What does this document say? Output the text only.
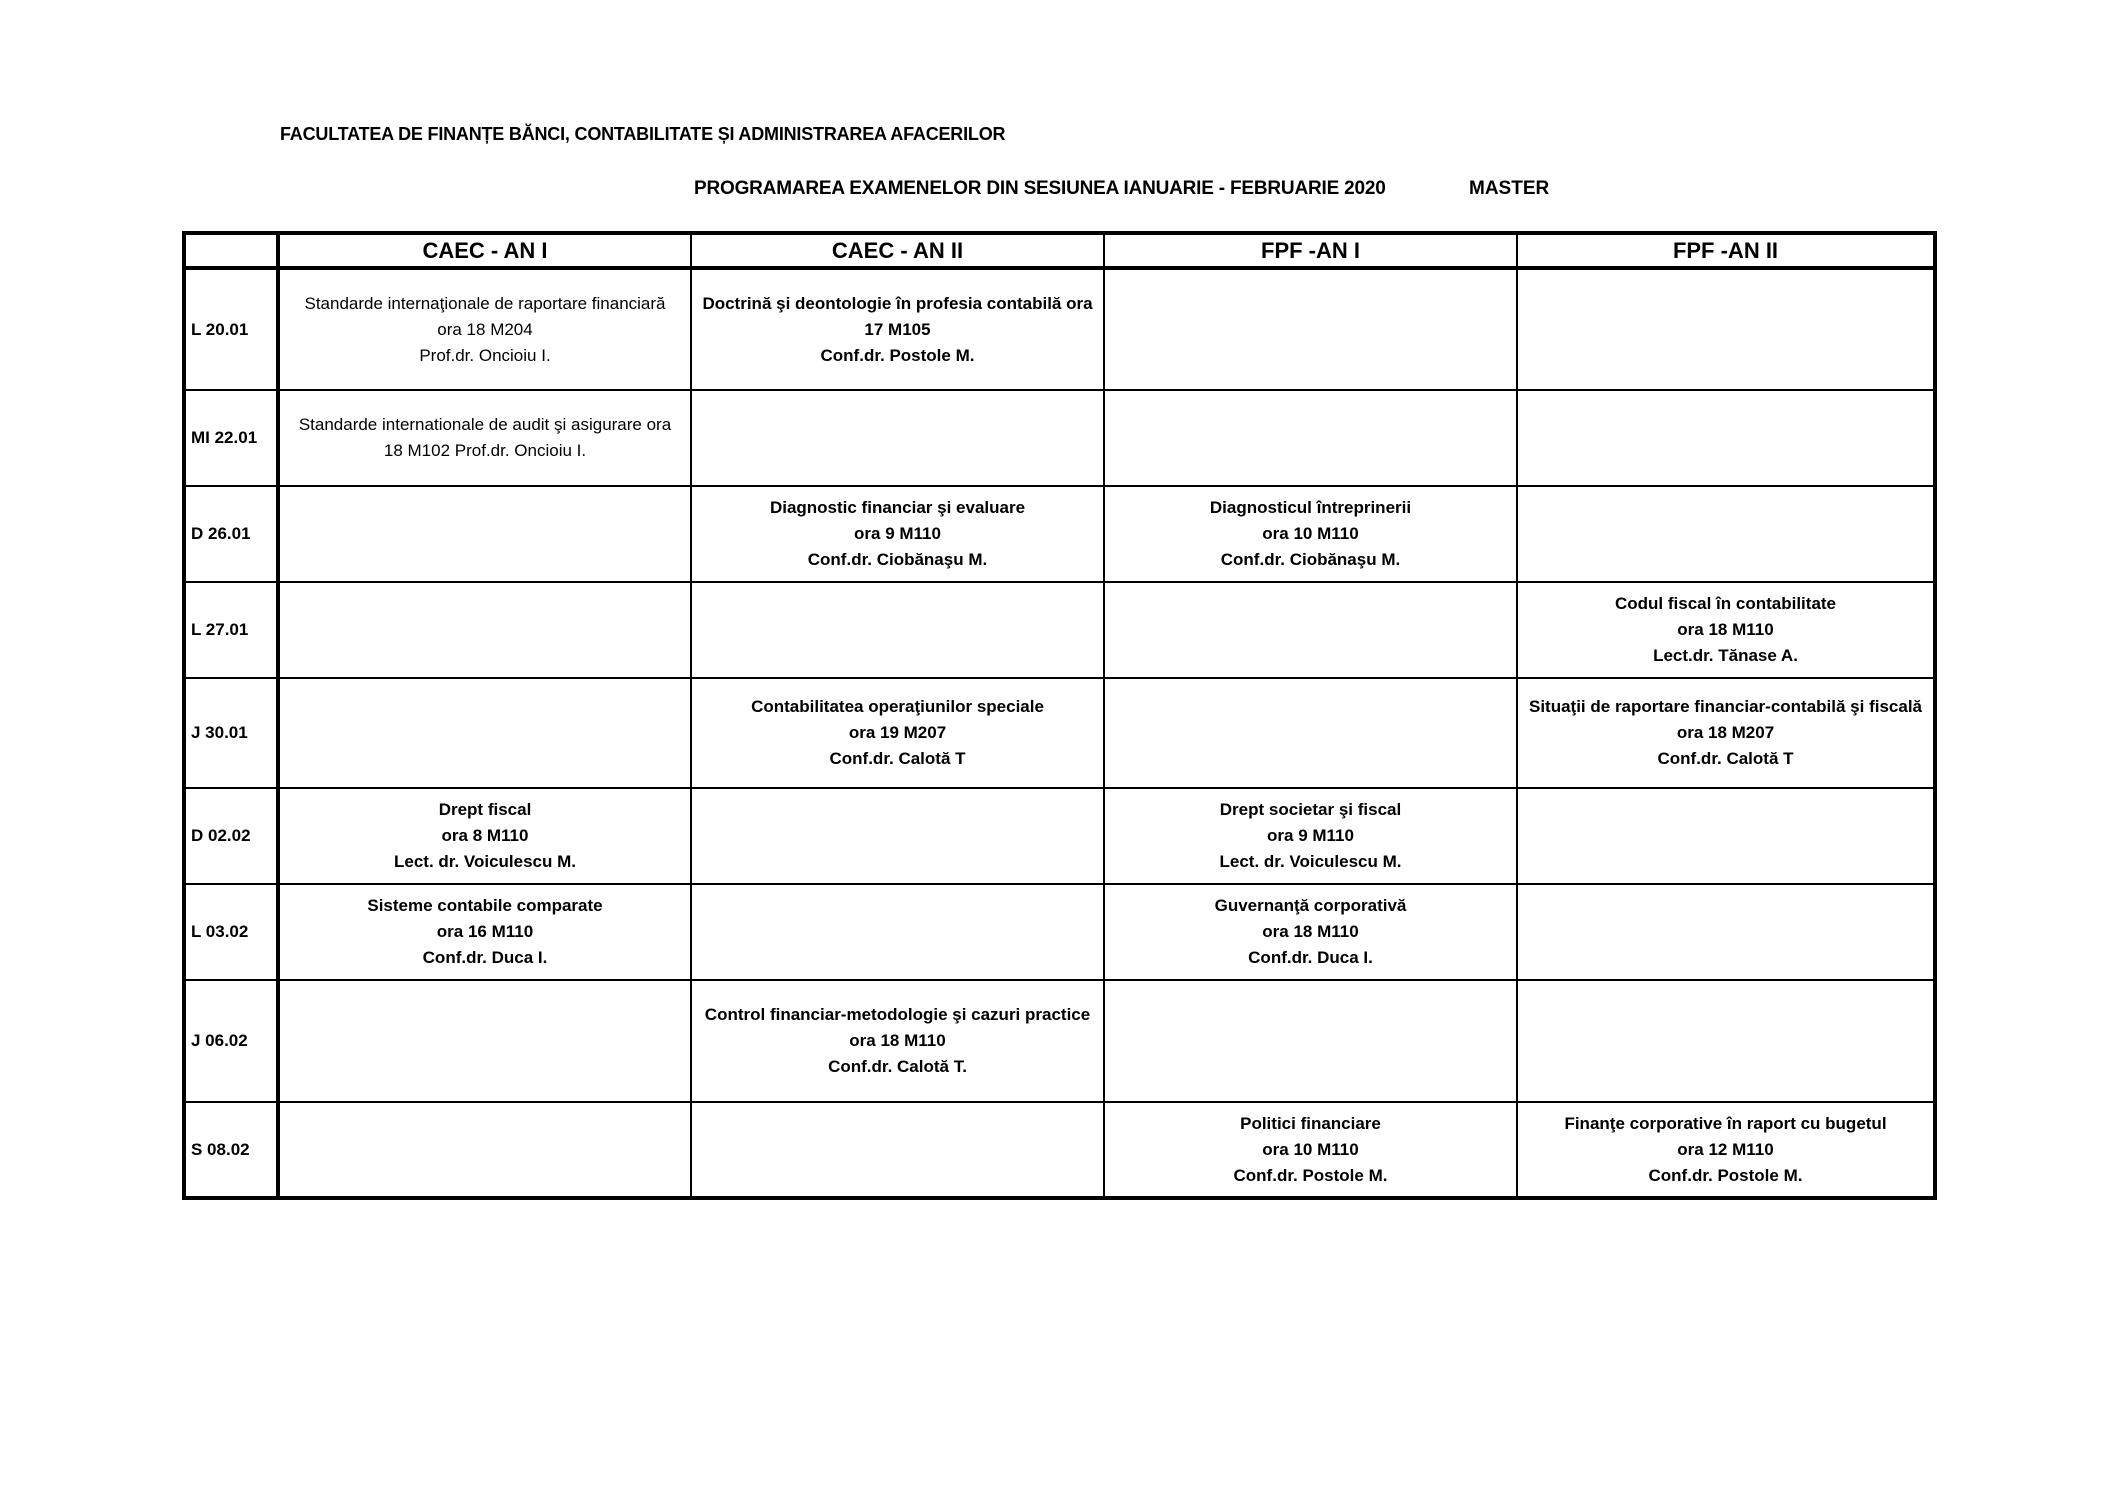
FACULTATEA DE FINANȚE BĂNCI, CONTABILITATE ȘI ADMINISTRAREA AFACERILOR
PROGRAMAREA EXAMENELOR DIN SESIUNEA IANUARIE - FEBRUARIE 2020	MASTER
	CAEC - AN I	CAEC - AN II	FPF -AN I	FPF -AN II
L 20.01	Standarde internaţionale de raportare financiară
ora 18 M204
Prof.dr. Oncioiu I.	Doctrină şi deontologie în profesia contabilă ora
17 M105
Conf.dr. Postole M.		

MI 22.01	Standarde internationale de audit şi asigurare ora
18 M102 Prof.dr. Oncioiu I.			

D 26.01		Diagnostic financiar şi evaluare
ora 9 M110
Conf.dr. Ciobănaşu M.	Diagnosticul întreprinerii
ora 10 M110
Conf.dr. Ciobănaşu M.	

L 27.01				Codul fiscal în contabilitate
ora 18 M110
Lect.dr. Tănase A.

J 30.01		Contabilitatea operaţiunilor speciale
ora 19 M207
Conf.dr. Calotă T		Situaţii de raportare financiar-contabilă şi fiscală
ora 18 M207
Conf.dr. Calotă T

D 02.02	Drept fiscal
ora 8 M110
Lect. dr. Voiculescu M.		Drept societar şi fiscal
ora 9 M110
Lect. dr. Voiculescu M.	

L 03.02	Sisteme contabile comparate
ora 16 M110
Conf.dr. Duca I.		Guvernanţă corporativă
ora 18 M110
Conf.dr. Duca I.	

J 06.02		Control financiar-metodologie şi cazuri practice
ora 18 M110
Conf.dr. Calotă T.		

S 08.02			Politici financiare
ora 10 M110
Conf.dr. Postole M.	Finanţe corporative în raport cu bugetul
ora 12 M110
Conf.dr. Postole M.
